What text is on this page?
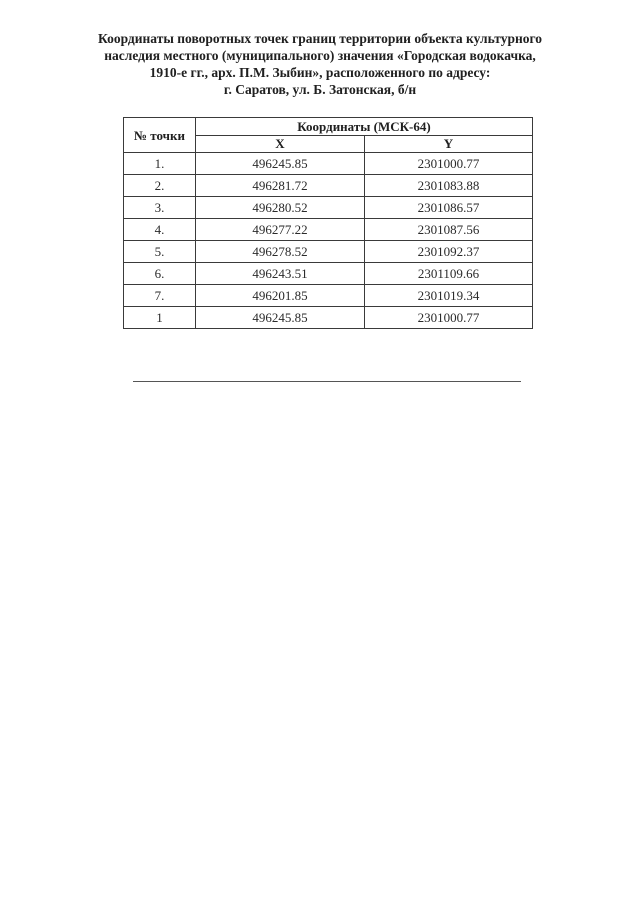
Координаты поворотных точек границ территории объекта культурного
наследия местного (муниципального) значения «Городская водокачка,
1910-е гг., арх. П.М. Зыбин», расположенного по адресу:
г. Саратов, ул. Б. Затонская, б/н
№ точки	Координаты (МСК-64)	
	X	Y
1.	496245.85	2301000.77
2.	496281.72	2301083.88
3.	496280.52	2301086.57
4.	496277.22	2301087.56
5.	496278.52	2301092.37
6.	496243.51	2301109.66
7.	496201.85	2301019.34
1	496245.85	2301000.77
